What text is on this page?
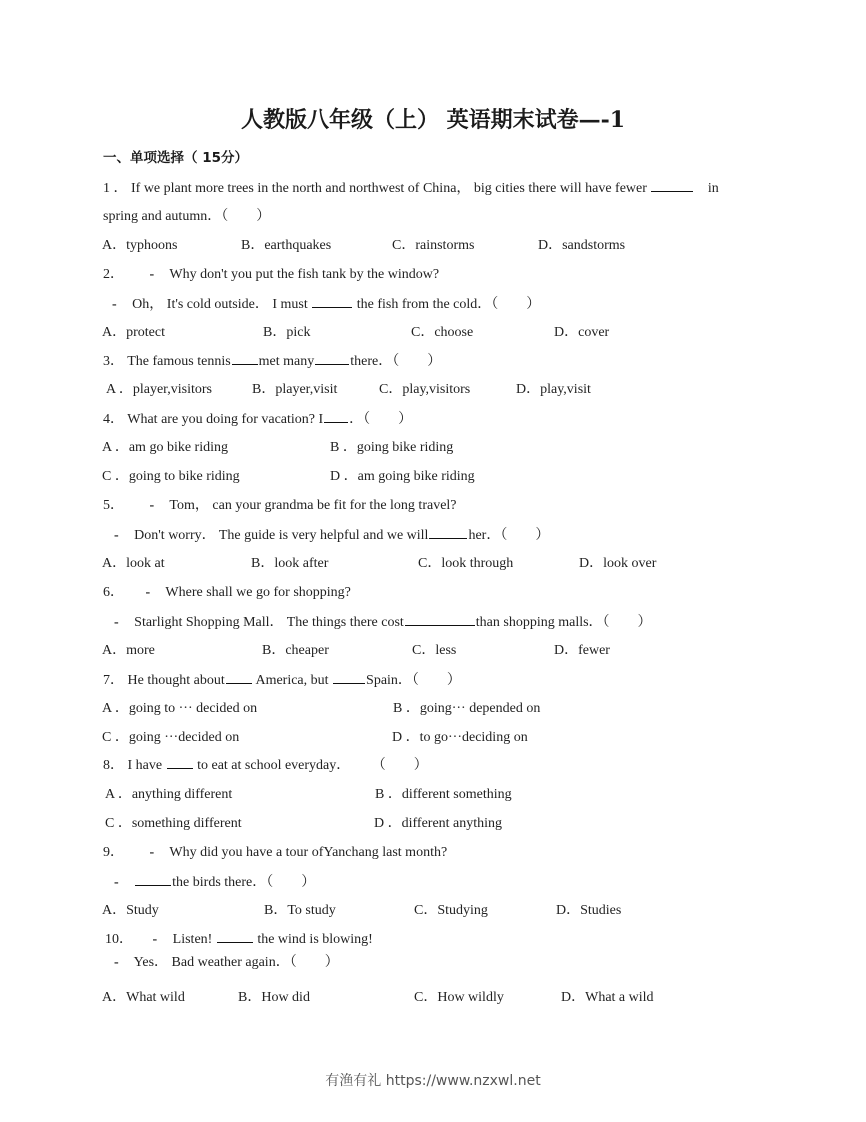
人教版八年级（上） 英语期末试卷—-1
一、单项选择（ 15分）
1 ． If we plant more trees in the north and northwest of China， big cities there will have fewer	in
spring and autumn．（　　）
A．typhoons	B．earthquakes	C．rainstorms	D．sandstorms
2． - Why don't you put the fish tank by the window?
- Oh， It's cold outside． I must	the fish from the cold．（　　）
A．protect	B．pick	C．choose	D．cover
3． The famous tennis met many	there．（　　）
A ．player,visitors	B．player,visit	C．play,visitors	D．play,visit
4． What are you doing for vacation? I ．（　　）
A ．am go bike riding	B ．going bike riding
C ．going to bike riding	D ．am going bike riding
5． - Tom， can your grandma be fit for the long travel?
- Don't worry． The guide is very helpful and we will	her．（　　）
A．look at	B．look after	C．look through	D．look over
6． - Where shall we go for shopping?
- Starlight Shopping Mall． The things there cost	than shopping malls．（　　）
A．more	B．cheaper	C．less	D．fewer
7． He thought about America, but	Spain．（　　）
A ．going to ··· decided on	B ．going··· depended on
C ．going ···decided on	D ．to go···deciding on
8． I have	to eat at school everyday． （　　）
A ．anything different	B ．different something
C ．something different	D ．different anything
9． - Why did you have a tour ofYanchang last month?
-	the birds there．（　　）
A．Study	B．To study	C．Studying	D．Studies
10． - Listen!	the wind is blowing!
- Yes． Bad weather again．（　　）
A．What wild	B．How did	C．How wildly	D．What a wild
有渔有礼 https://www.nzxwl.net
